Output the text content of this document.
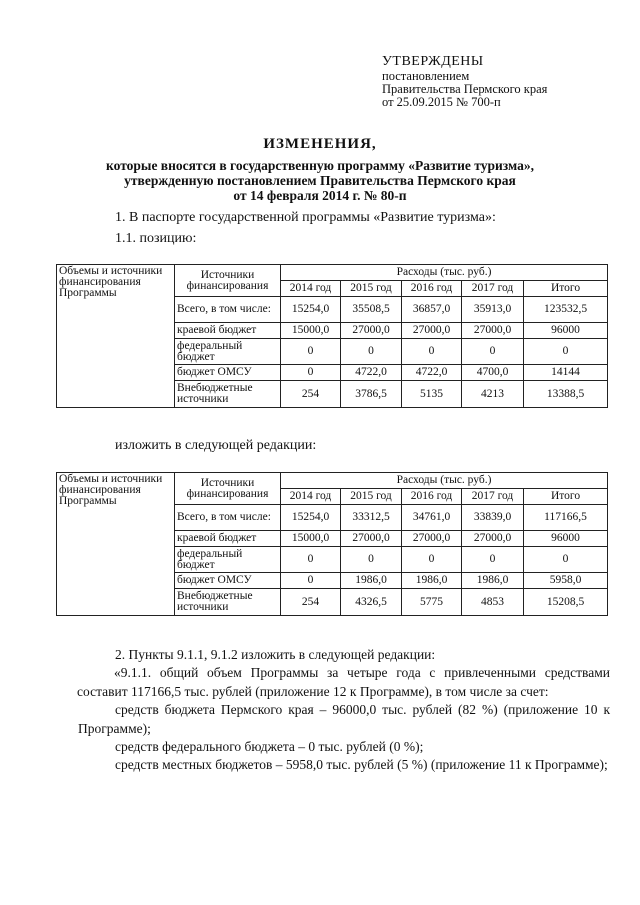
УТВЕРЖДЕНЫ
постановлением
Правительства Пермского края
от 25.09.2015 № 700-п
ИЗМЕНЕНИЯ,
которые вносятся в государственную программу «Развитие туризма»,
утвержденную постановлением Правительства Пермского края
от 14 февраля 2014 г. № 80-п
1. В паспорте государственной программы «Развитие туризма»:
1.1. позицию:
Объемы и источники финансирования Программы	Источники финансирования	Расходы (тыс. руб.)				
		2014 год	2015 год	2016 год	2017 год	Итого
	Всего, в том числе:	15254,0	35508,5	36857,0	35913,0	123532,5
	краевой бюджет	15000,0	27000,0	27000,0	27000,0	96000
	федеральный бюджет	0	0	0	0	0
	бюджет ОМСУ	0	4722,0	4722,0	4700,0	14144
	Внебюджетные источники	254	3786,5	5135	4213	13388,5
изложить в следующей редакции:
Объемы и источники финансирования Программы	Источники финансирования	Расходы (тыс. руб.)				
		2014 год	2015 год	2016 год	2017 год	Итого
	Всего, в том числе:	15254,0	33312,5	34761,0	33839,0	117166,5
	краевой бюджет	15000,0	27000,0	27000,0	27000,0	96000
	федеральный бюджет	0	0	0	0	0
	бюджет ОМСУ	0	1986,0	1986,0	1986,0	5958,0
	Внебюджетные источники	254	4326,5	5775	4853	15208,5

2. Пункты 9.1.1, 9.1.2 изложить в следующей редакции:

«9.1.1. общий объем Программы за четыре года с привлеченными средствами составит 117166,5 тыс. рублей (приложение 12 к Программе), в том числе за счет:

средств бюджета Пермского края – 96000,0 тыс. рублей (82 %) (приложение 10 к Программе);

средств федерального бюджета – 0 тыс. рублей (0 %);

средств местных бюджетов – 5958,0 тыс. рублей (5 %) (приложение 11 к Программе);
